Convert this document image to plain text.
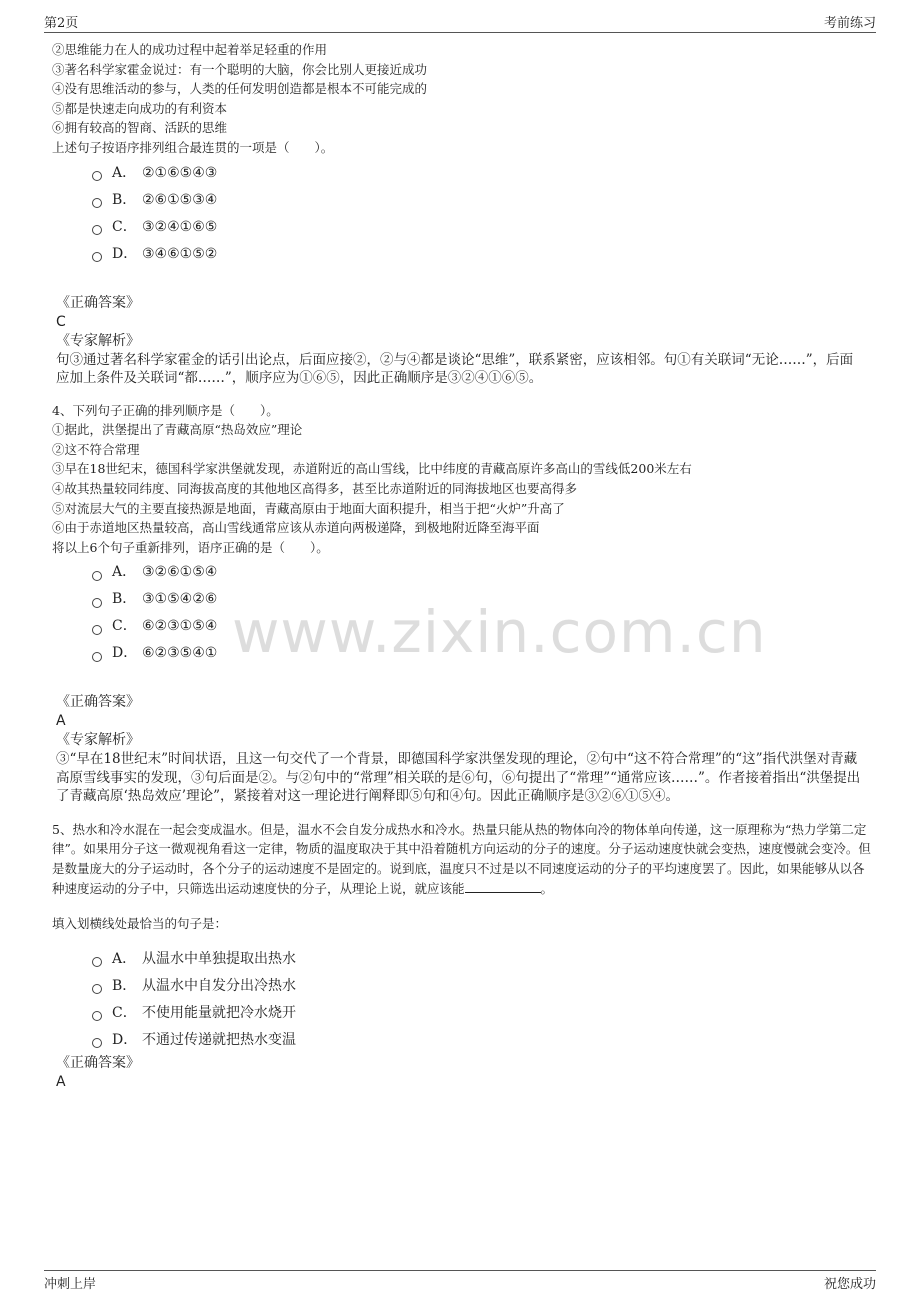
第2页	考前练习
www.zixin.com.cn

②思维能力在人的成功过程中起着举足轻重的作用

③著名科学家霍金说过：有一个聪明的大脑，你会比别人更接近成功

④没有思维活动的参与，人类的任何发明创造都是根本不可能完成的

⑤都是快速走向成功的有利资本

⑥拥有较高的智商、活跃的思维

上述句子按语序排列组合最连贯的一项是（　　）。

A． ②①⑥⑤④③
B． ②⑥①⑤③④
C． ③②④①⑥⑤
D． ③④⑥①⑤②

《正确答案》

C

《专家解析》

句③通过著名科学家霍金的话引出论点，后面应接②，②与④都是谈论“思维”，联系紧密，应该相邻。句①有关联词“无论……”，后面应加上条件及关联词“都……”，顺序应为①⑥⑤，因此正确顺序是③②④①⑥⑤。

4、下列句子正确的排列顺序是（　　）。

①据此，洪堡提出了青藏高原“热岛效应”理论

②这不符合常理

③早在18世纪末，德国科学家洪堡就发现，赤道附近的高山雪线，比中纬度的青藏高原许多高山的雪线低200米左右

④故其热量较同纬度、同海拔高度的其他地区高得多，甚至比赤道附近的同海拔地区也要高得多

⑤对流层大气的主要直接热源是地面，青藏高原由于地面大面积提升，相当于把“火炉”升高了

⑥由于赤道地区热量较高，高山雪线通常应该从赤道向两极递降，到极地附近降至海平面

将以上6个句子重新排列，语序正确的是（　　）。

A． ③②⑥①⑤④
B． ③①⑤④②⑥
C． ⑥②③①⑤④
D． ⑥②③⑤④①

《正确答案》

A

《专家解析》

③“早在18世纪末”时间状语，且这一句交代了一个背景，即德国科学家洪堡发现的理论，②句中“这不符合常理”的“这”指代洪堡对青藏高原雪线事实的发现，③句后面是②。与②句中的“常理”相关联的是⑥句，⑥句提出了“常理”“通常应该……”。作者接着指出“洪堡提出了青藏高原‘热岛效应’理论”，紧接着对这一理论进行阐释即⑤句和④句。因此正确顺序是③②⑥①⑤④。

5、热水和冷水混在一起会变成温水。但是，温水不会自发分成热水和冷水。热量只能从热的物体向冷的物体单向传递，这一原理称为“热力学第二定律”。如果用分子这一微观视角看这一定律，物质的温度取决于其中沿着随机方向运动的分子的速度。分子运动速度快就会变热，速度慢就会变冷。但是数量庞大的分子运动时，各个分子的运动速度不是固定的。说到底，温度只不过是以不同速度运动的分子的平均速度罢了。因此，如果能够从以各种速度运动的分子中，只筛选出运动速度快的分子，从理论上说，就应该能	。

填入划横线处最恰当的句子是：

A． 从温水中单独提取出热水
B． 从温水中自发分出冷热水
C． 不使用能量就把冷水烧开
D． 不通过传递就把热水变温

《正确答案》

A

冲刺上岸	祝您成功
